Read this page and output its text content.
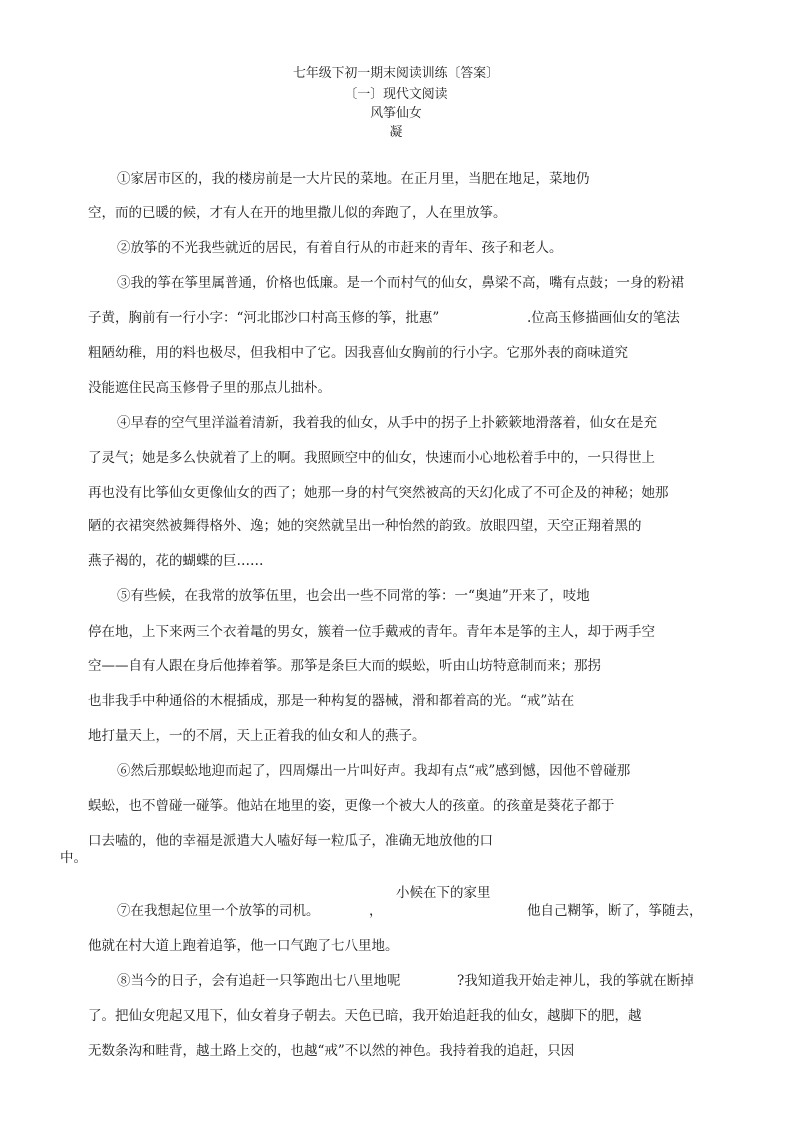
七年级下初一期末阅读训练〔答案〕
〔一〕现代文阅读
风筝仙女
凝
①家居市区的，我的楼房前是一大片民的菜地。在正月里，当肥在地足，菜地仍
空，而的已暖的候，才有人在开的地里撒儿似的奔跑了，人在里放筝。
②放筝的不光我些就近的居民，有着自行从的市赶来的青年、孩子和老人。
③我的筝在筝里属普通，价格也低廉。是一个而村气的仙女，鼻梁不高，嘴有点鼓；一身的粉裙
子黄，胸前有一行小字：“河北邯沙口村高玉修的筝，批惠”	.位高玉修描画仙女的笔法
粗陋幼稚，用的料也极尽，但我相中了它。因我喜仙女胸前的行小字。它那外表的商味道究
没能遮住民高玉修骨子里的那点儿拙朴。
④早春的空气里洋溢着清新，我着我的仙女，从手中的拐子上扑簌簌地滑落着，仙女在是充
了灵气；她是多么快就着了上的啊。我照顾空中的仙女，快速而小心地松着手中的，一只得世上
再也没有比筝仙女更像仙女的西了；她那一身的村气突然被高的天幻化成了不可企及的神秘；她那
陋的衣裙突然被舞得格外、逸；她的突然就呈出一种怡然的韵致。放眼四望，天空正翔着黑的
燕子褐的，花的蝴蝶的巨……
⑤有些候，在我常的放筝伍里，也会出一些不同常的筝：一“奥迪”开来了，吱地
停在地，上下来两三个衣着鼌的男女，簇着一位手戴戒的青年。青年本是筝的主人，却于两手空
空——自有人跟在身后他捧着筝。那筝是条巨大而的蜈蚣，听由山坊特意制而来；那拐
也非我手中种通俗的木棍插成，那是一种构复的器械，滑和都着高的光。“戒”站在
地打量天上，一的不屑，天上正着我的仙女和人的燕子。
⑥然后那蜈蚣地迎而起了，四周爆出一片叫好声。我却有点“戒”感到憾，因他不曾碰那
蜈蚣，也不曾碰一碰筝。他站在地里的姿，更像一个被大人的孩童。的孩童是葵花子都于
口去嗑的，他的幸福是派遣大人嗑好每一粒瓜子，准确无地放他的口
中。
小候在下的家里
⑦在我想起位里一个放筝的司机。	，	他自己糊筝，断了，筝随去，
他就在村大道上跑着追筝，他一口气跑了七八里地。
⑧当今的日子，会有追赶一只筝跑出七八里地呢	?我知道我开始走神儿，我的筝就在断掉
了。把仙女兜起又甩下，仙女着身子朝去。天色已暗，我开始追赶我的仙女，越脚下的肥，越
无数条沟和畦背，越土路上交的，也越“戒”不以然的神色。我持着我的追赶，只因
